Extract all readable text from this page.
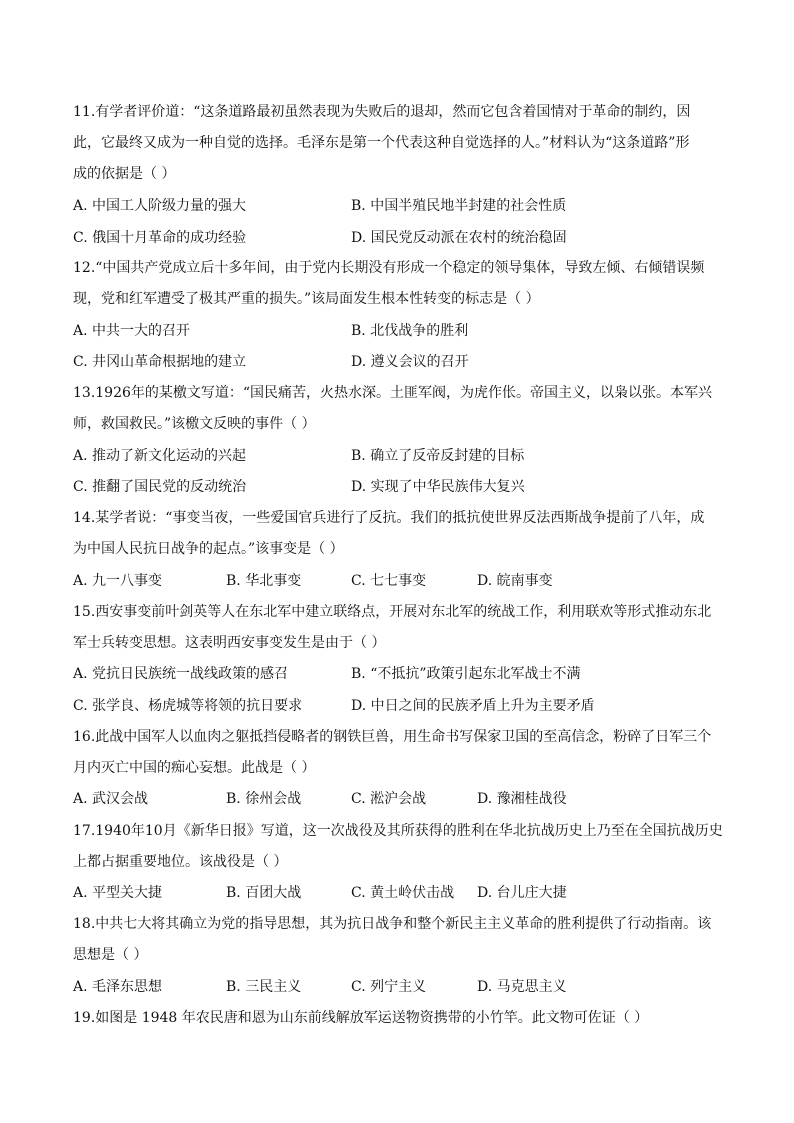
11.有学者评价道：“这条道路最初虽然表现为失败后的退却，然而它包含着国情对于革命的制约，因
此，它最终又成为一种自觉的选择。毛泽东是第一个代表这种自觉选择的人。”材料认为“这条道路”形
成的依据是（ ）
A. 中国工人阶级力量的强大	B. 中国半殖民地半封建的社会性质
C. 俄国十月革命的成功经验	D. 国民党反动派在农村的统治稳固
12.“中国共产党成立后十多年间，由于党内长期没有形成一个稳定的领导集体，导致左倾、右倾错误频
现，党和红军遭受了极其严重的损失。”该局面发生根本性转变的标志是（ ）
A. 中共一大的召开	B. 北伐战争的胜利
C. 井冈山革命根据地的建立	D. 遵义会议的召开
13.1926年的某檄文写道：“国民痛苦，火热水深。土匪军阀，为虎作伥。帝国主义，以枭以张。本军兴
师，救国救民。”该檄文反映的事件（ ）
A. 推动了新文化运动的兴起	B. 确立了反帝反封建的目标
C. 推翻了国民党的反动统治	D. 实现了中华民族伟大复兴
14.某学者说：“事变当夜，一些爱国官兵进行了反抗。我们的抵抗使世界反法西斯战争提前了八年，成
为中国人民抗日战争的起点。”该事变是（ ）
A. 九一八事变	B. 华北事变	C. 七七事变	D. 皖南事变
15.西安事变前叶剑英等人在东北军中建立联络点，开展对东北军的统战工作，利用联欢等形式推动东北
军士兵转变思想。这表明西安事变发生是由于（ ）
A. 党抗日民族统一战线政策的感召	B. “不抵抗”政策引起东北军战士不满
C. 张学良、杨虎城等将领的抗日要求	D. 中日之间的民族矛盾上升为主要矛盾
16.此战中国军人以血肉之躯抵挡侵略者的钢铁巨兽，用生命书写保家卫国的至高信念，粉碎了日军三个
月内灭亡中国的痴心妄想。此战是（ ）
A. 武汉会战	B. 徐州会战	C. 淞沪会战	D. 豫湘桂战役
17.1940年10月《新华日报》写道，这一次战役及其所获得的胜利在华北抗战历史上乃至在全国抗战历史
上都占据重要地位。该战役是（ ）
A. 平型关大捷	B. 百团大战	C. 黄土岭伏击战 D. 台儿庄大捷
18.中共七大将其确立为党的指导思想，其为抗日战争和整个新民主主义革命的胜利提供了行动指南。该
思想是（ ）
A. 毛泽东思想	B. 三民主义	C. 列宁主义	D. 马克思主义
19.如图是 1948 年农民唐和恩为山东前线解放军运送物资携带的小竹竿。此文物可佐证（ ）
